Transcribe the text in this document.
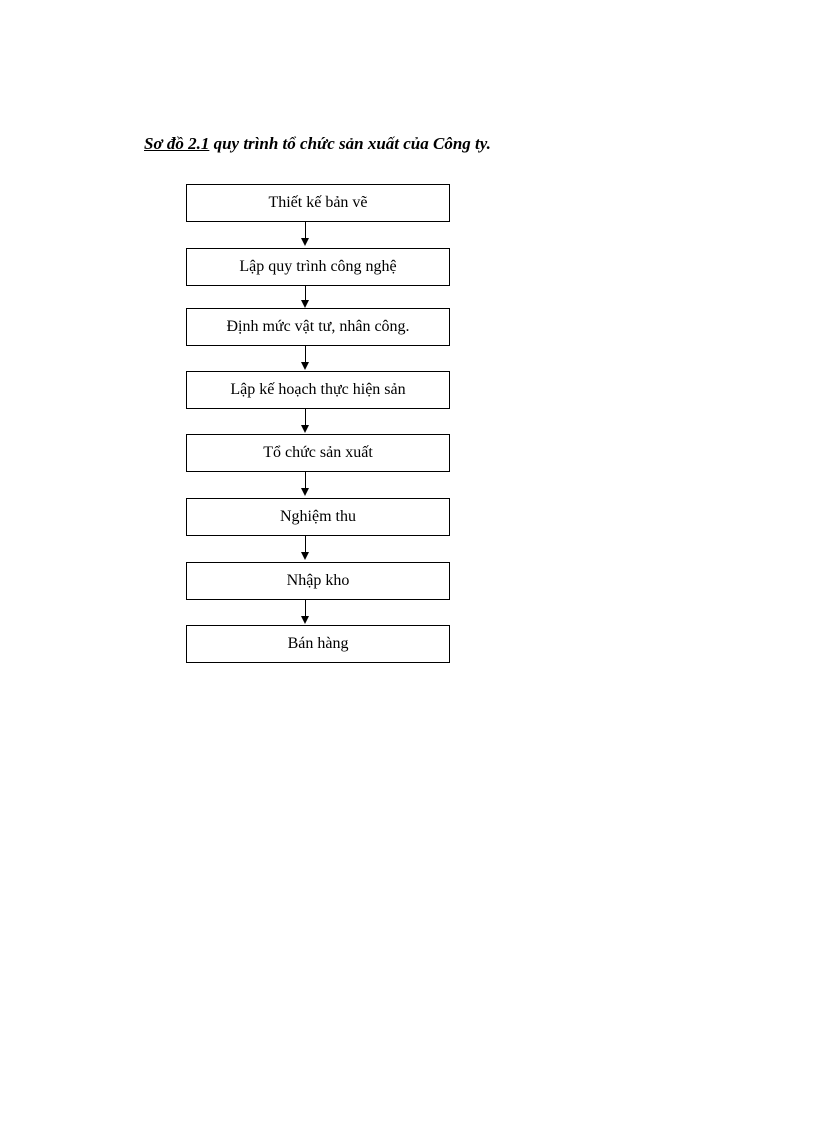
Sơ đồ 2.1 quy trình tổ chức sản xuất của Công ty.
Thiết kế bản vẽ
Lập quy trình công nghệ
Định mức vật tư, nhân công.
Lập kế hoạch thực hiện sản
Tổ chức sản xuất
Nghiệm thu
Nhập kho
Bán hàng
